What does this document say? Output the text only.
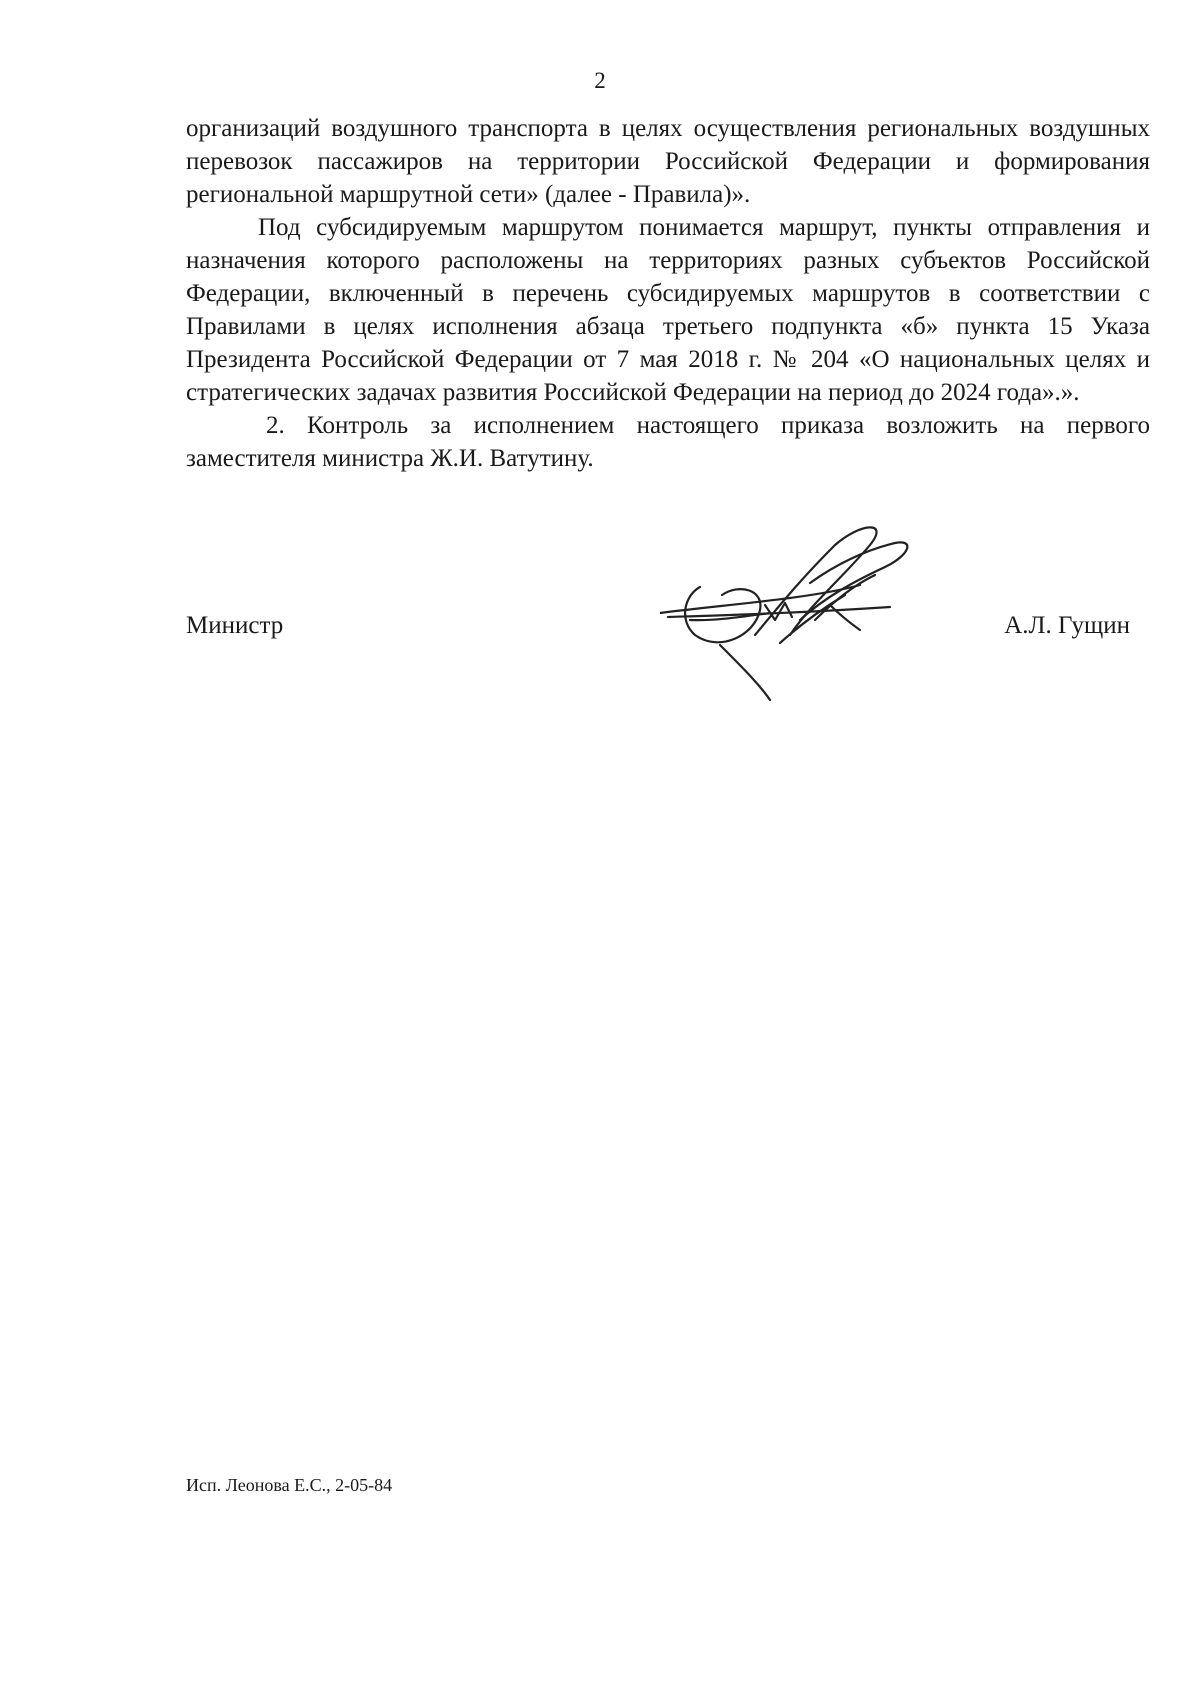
2

организаций воздушного транспорта в целях осуществления региональных воздушных перевозок пассажиров на территории Российской Федерации и формирования региональной маршрутной сети» (далее - Правила)».

Под субсидируемым маршрутом понимается маршрут, пункты отправления и назначения которого расположены на территориях разных субъектов Российской Федерации, включенный в перечень субсидируемых маршрутов в соответствии с Правилами в целях исполнения абзаца третьего подпункта «б» пункта 15 Указа Президента Российской Федерации от 7 мая 2018 г. № 204 «О национальных целях и стратегических задачах развития Российской Федерации на период до 2024 года».».

2. Контроль за исполнением настоящего приказа возложить на первого заместителя министра Ж.И. Ватутину.

Министр	А.Л. Гущин
Исп. Леонова Е.С., 2-05-84
